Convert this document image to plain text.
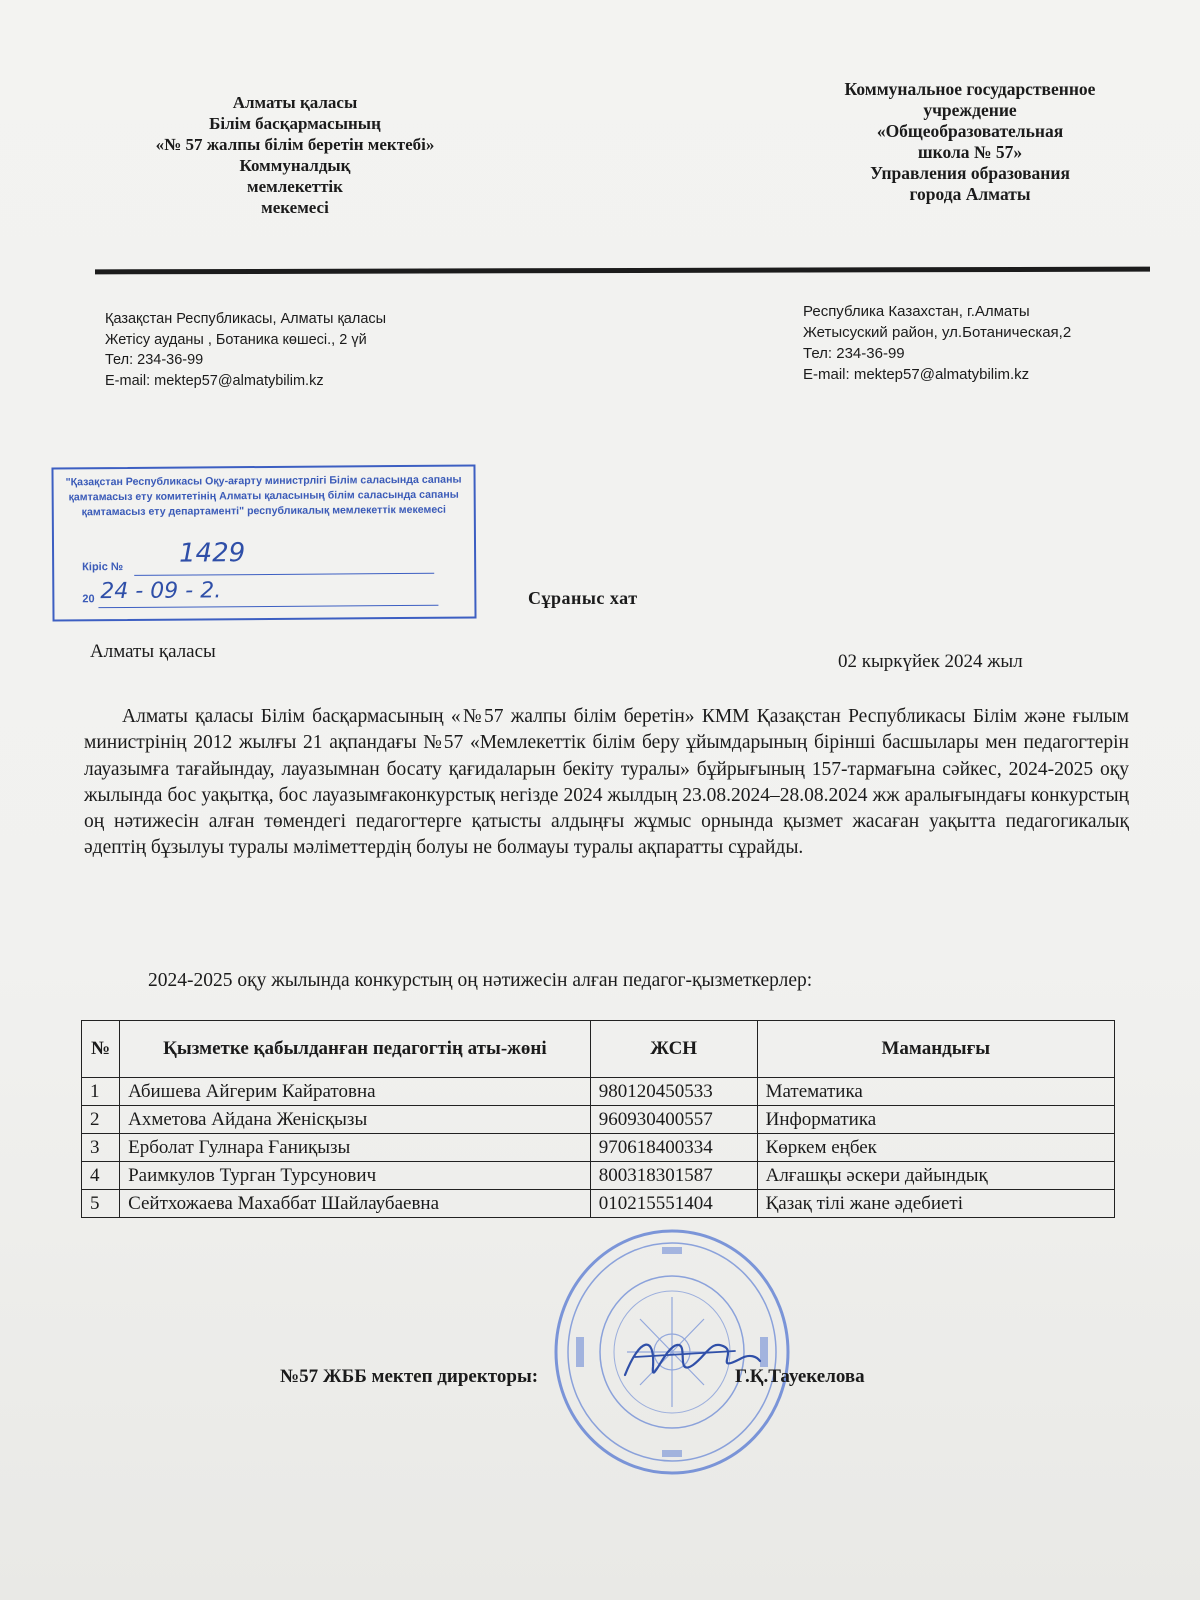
Алматы қаласы
Білім басқармасының
«№ 57 жалпы білім беретін мектебі»
Коммуналдық
мемлекеттік
мекемесі
Коммунальное государственное
учреждение
«Общеобразовательная
школа № 57»
Управления образования
города Алматы
Қазақстан Республикасы, Алматы қаласы
Жетісу ауданы , Ботаника көшесі., 2 үй
Тел: 234-36-99
E-mail: mektep57@almatybilim.kz
Республика Казахстан, г.Алматы
Жетысуский район, ул.Ботаническая,2
Тел: 234-36-99
E-mail: mektep57@almatybilim.kz
"Қазақстан Республикасы Оқу-ағарту министрлігі Білім саласында сапаны қамтамасыз ету комитетінің Алматы қаласының білім саласында сапаны қамтамасыз ету департаменті" республикалық мемлекеттік мекемесі
Кіріс № 1429
20 24 - 09 - 2.	Сұраныс хат
Алматы қаласы	02 кыркүйек 2024 жыл
Алматы қаласы Білім басқармасының «№57 жалпы білім беретін» КММ Қазақстан Республикасы Білім және ғылым министрінің 2012 жылғы 21 ақпандағы №57 «Мемлекеттік білім беру ұйымдарының бірінші басшылары мен педагогтерін лауазымға тағайындау, лауазымнан босату қағидаларын бекіту туралы» бұйрығының 157-тармағына сәйкес, 2024-2025 оқу жылында бос уақытқа, бос лауазымғаконкурстық негізде 2024 жылдың 23.08.2024–28.08.2024 жж аралығындағы конкурстың оң нәтижесін алған төмендегі педагогтерге қатысты алдыңғы жұмыс орнында қызмет жасаған уақытта педагогикалық әдептің бұзылуы туралы мәліметтердің болуы не болмауы туралы ақпаратты сұрайды.
2024-2025 оқу жылында конкурстың оң нәтижесін алған педагог-қызметкерлер:
№	Қызметке қабылданған педагогтің аты-жөні	ЖСН	Мамандығы
1	Абишева Айгерим Кайратовна	980120450533	Математика
2	Ахметова Айдана Женісқызы	960930400557	Информатика
3	Ерболат Гулнара Ғаниқызы	970618400334	Көркем еңбек
4	Раимкулов Турган Турсунович	800318301587	Алғашқы әскери дайындық
5	Сейтхожаева Махаббат Шайлаубаевна	010215551404	Қазақ тілі жане әдебиеті
№57 ЖББ мектеп директоры:	Г.Қ.Тауекелова
